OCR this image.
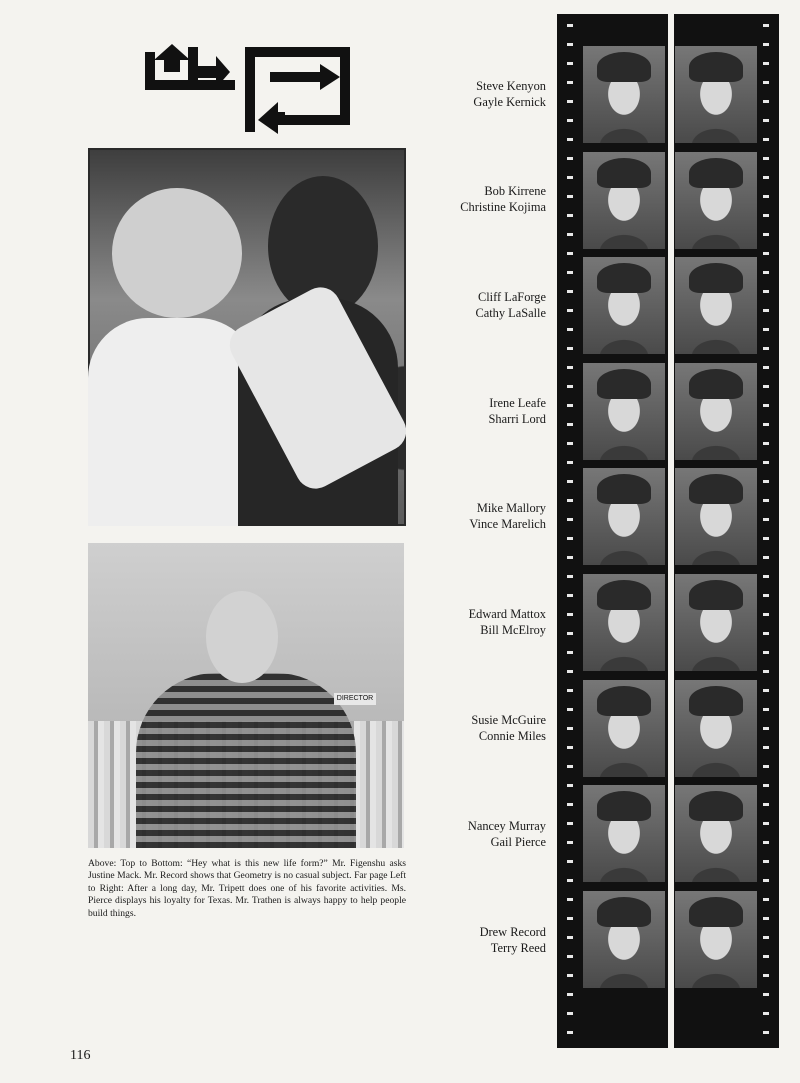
DIRECTOR
Above: Top to Bottom: “Hey what is this new life form?” Mr. Figenshu asks Justine Mack. Mr. Record shows that Geometry is no casual subject. Far page Left to Right: After a long day, Mr. Tripett does one of his favorite activities. Ms. Pierce displays his loyalty for Texas. Mr. Trathen is always happy to help people build things.
116
Steve Kenyon
Gayle Kernick
Bob Kirrene
Christine Kojima
Cliff LaForge
Cathy LaSalle
Irene Leafe
Sharri Lord
Mike Mallory
Vince Marelich
Edward Mattox
Bill McElroy
Susie McGuire
Connie Miles
Nancey Murray
Gail Pierce
Drew Record
Terry Reed
